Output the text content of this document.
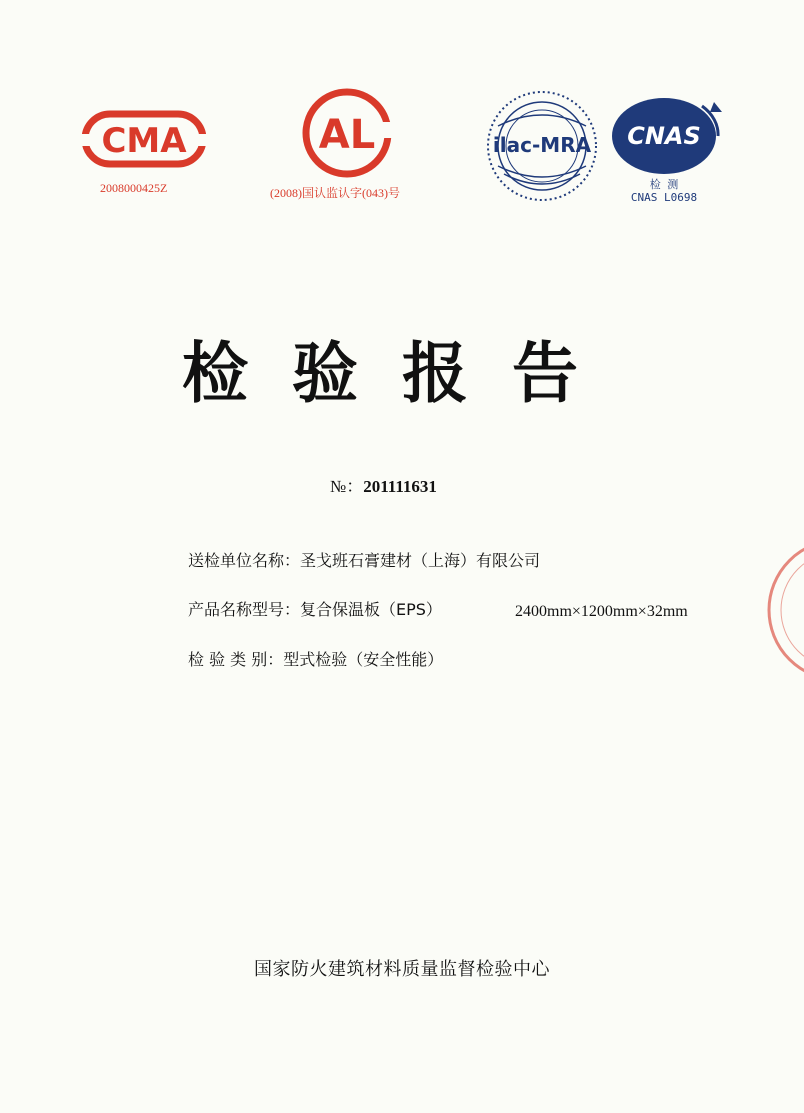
CMA
2008000425Z
AL
(2008)国认监认字(043)号
ilac-MRA CNAS
检 测
CNAS L0698
检验报告
№：201111631
送检单位名称：圣戈班石膏建材（上海）有限公司
产品名称型号：复合保温板（EPS）	2400mm×1200mm×32mm
检 验 类 别：型式检验（安全性能）
国家防火建筑材料质量监督检验中心
